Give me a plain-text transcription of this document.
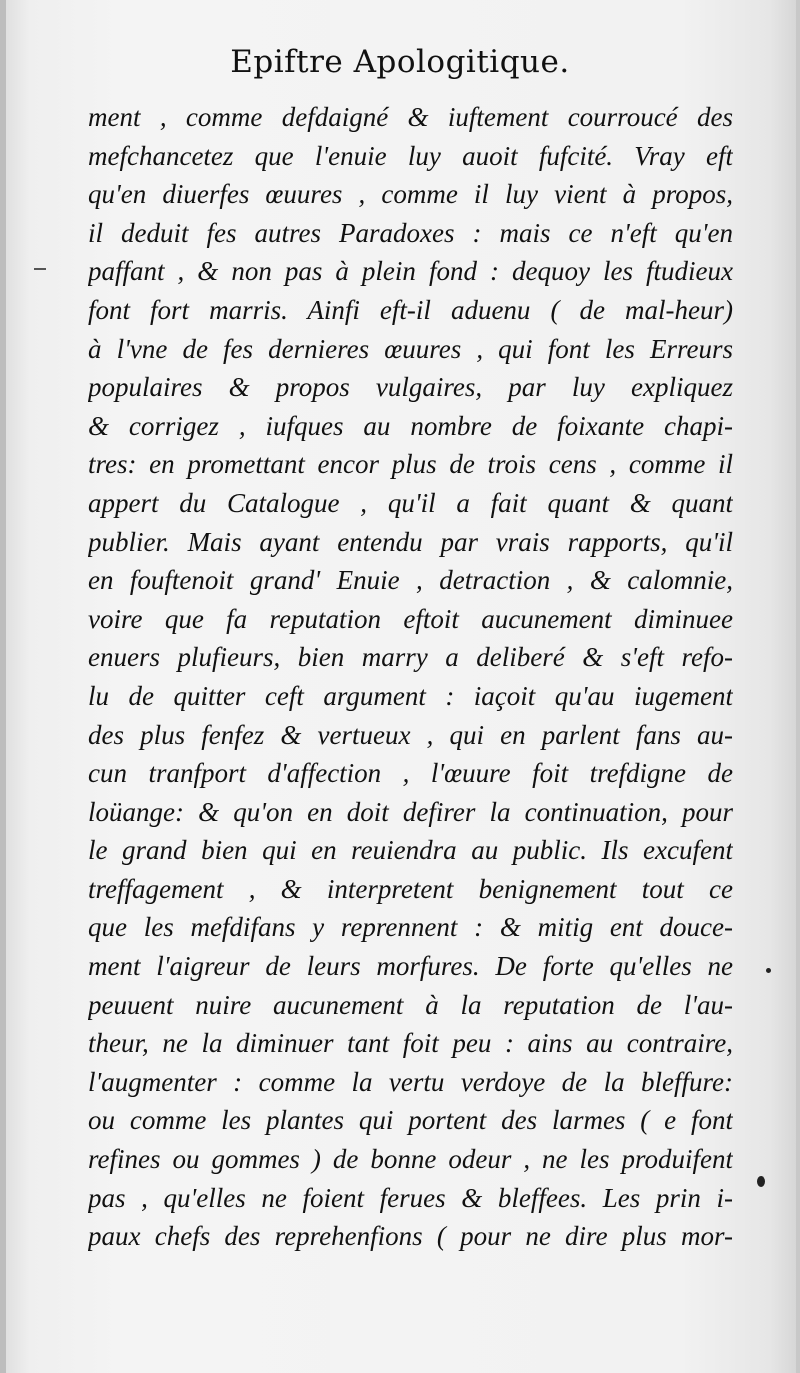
Epiftre Apologitique.
ment , comme defdaigné & iuftement courroucé des
mefchancetez que l'enuie luy auoit fufcité. Vray eft
qu'en diuerfes œuures , comme il luy vient à propos,
il deduit fes autres Paradoxes : mais ce n'eft qu'en
paffant , & non pas à plein fond : dequoy les ftudieux
font fort marris. Ainfi eft-il aduenu ( de mal-heur)
à l'vne de fes dernieres œuures , qui font les Erreurs
populaires & propos vulgaires, par luy expliquez
& corrigez , iufques au nombre de foixante chapi-
tres: en promettant encor plus de trois cens , comme il
appert du Catalogue , qu'il a fait quant & quant
publier. Mais ayant entendu par vrais rapports, qu'il
en fouftenoit grand' Enuie , detraction , & calomnie,
voire que fa reputation eftoit aucunement diminuee
enuers plufieurs, bien marry a deliberé & s'eft refo-
lu de quitter ceft argument : iaçoit qu'au iugement
des plus fenfez & vertueux , qui en parlent fans au-
cun tranfport d'affection , l'œuure foit trefdigne de
loüange: & qu'on en doit defirer la continuation, pour
le grand bien qui en reuiendra au public. Ils excufent
treffagement , & interpretent benignement tout ce
que les mefdifans y reprennent : & mitig ent douce-
ment l'aigreur de leurs morfures. De forte qu'elles ne
peuuent nuire aucunement à la reputation de l'au-
theur, ne la diminuer tant foit peu : ains au contraire,
l'augmenter : comme la vertu verdoye de la bleffure:
ou comme les plantes qui portent des larmes ( e font
refines ou gommes ) de bonne odeur , ne les produifent
pas , qu'elles ne foient ferues & bleffees. Les prin i-
paux chefs des reprehenfions ( pour ne dire plus mor-
